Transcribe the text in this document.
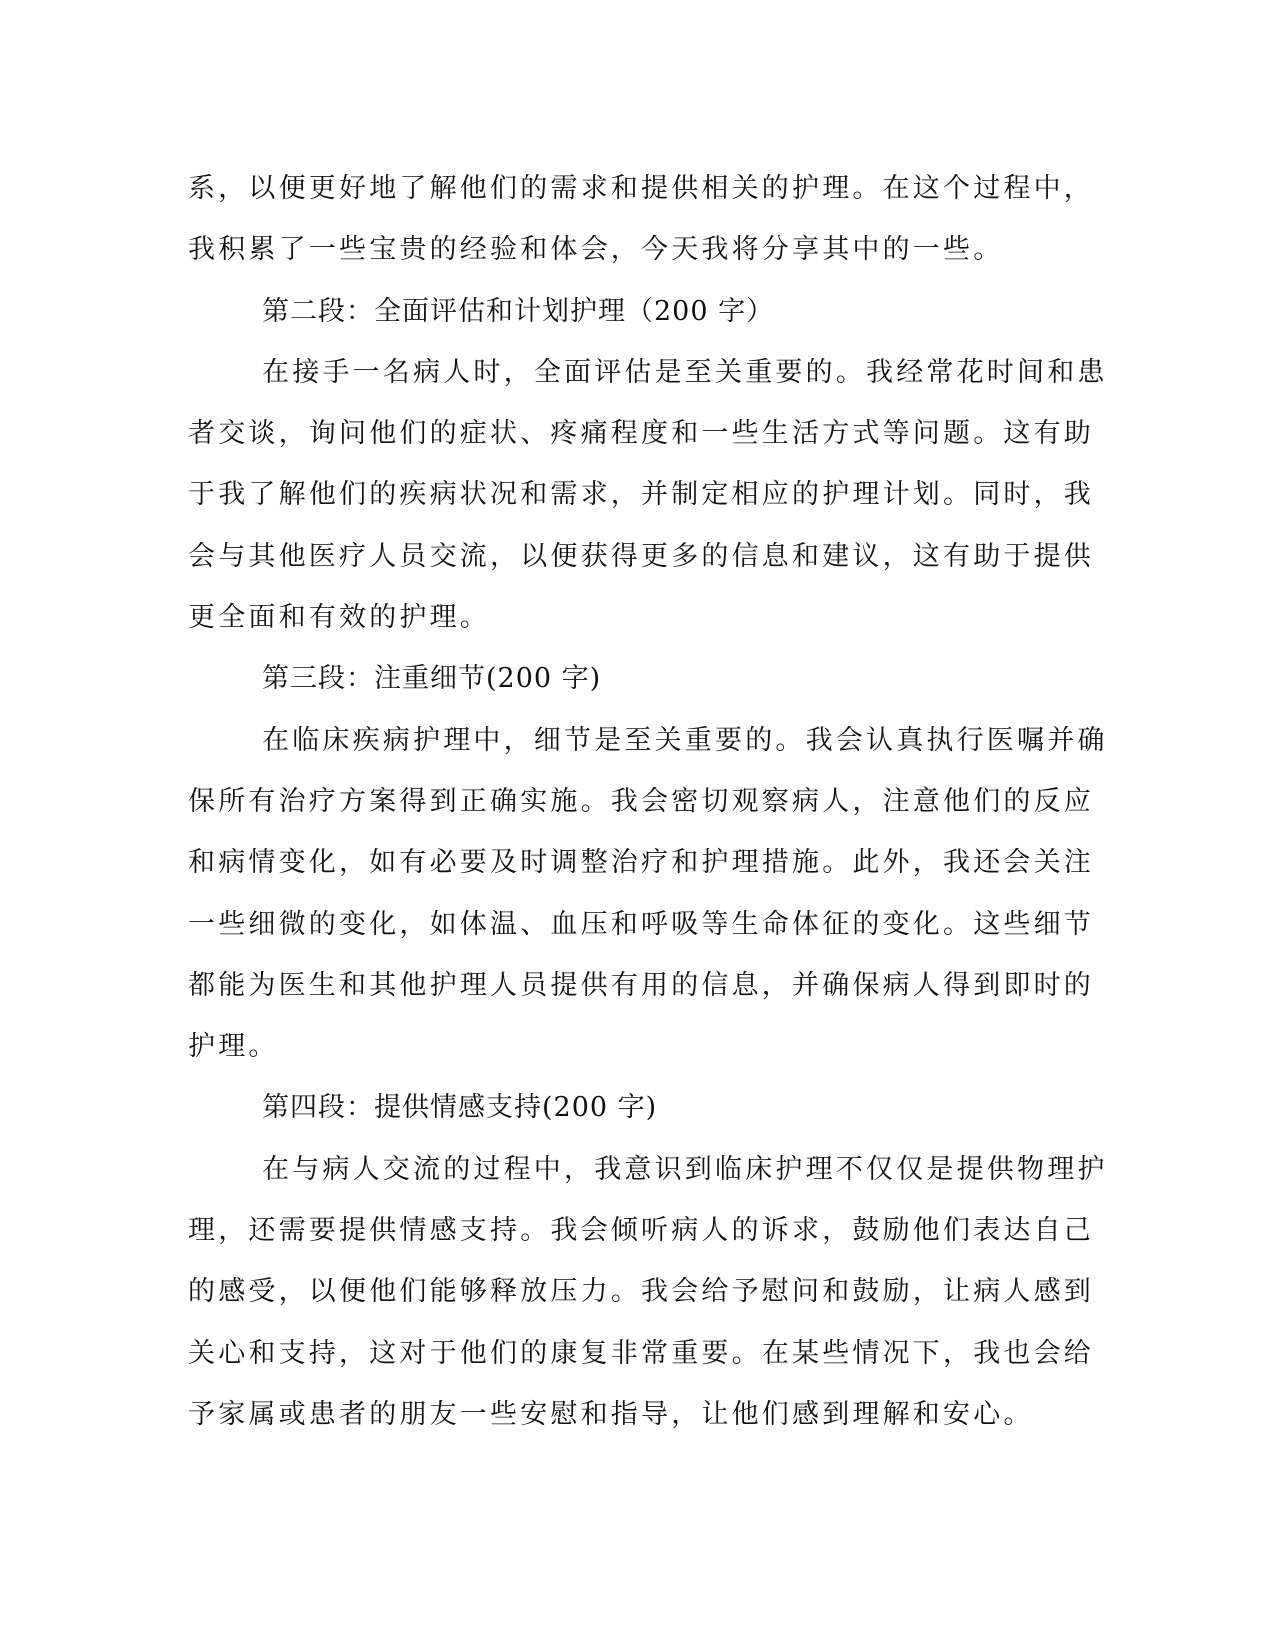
系，以便更好地了解他们的需求和提供相关的护理。在这个过程中，
我积累了一些宝贵的经验和体会，今天我将分享其中的一些。
第二段：全面评估和计划护理（200 字）
在接手一名病人时，全面评估是至关重要的。我经常花时间和患
者交谈，询问他们的症状、疼痛程度和一些生活方式等问题。这有助
于我了解他们的疾病状况和需求，并制定相应的护理计划。同时，我
会与其他医疗人员交流，以便获得更多的信息和建议，这有助于提供
更全面和有效的护理。
第三段：注重细节(200 字)
在临床疾病护理中，细节是至关重要的。我会认真执行医嘱并确
保所有治疗方案得到正确实施。我会密切观察病人，注意他们的反应
和病情变化，如有必要及时调整治疗和护理措施。此外，我还会关注
一些细微的变化，如体温、血压和呼吸等生命体征的变化。这些细节
都能为医生和其他护理人员提供有用的信息，并确保病人得到即时的
护理。
第四段：提供情感支持(200 字)
在与病人交流的过程中，我意识到临床护理不仅仅是提供物理护
理，还需要提供情感支持。我会倾听病人的诉求，鼓励他们表达自己
的感受，以便他们能够释放压力。我会给予慰问和鼓励，让病人感到
关心和支持，这对于他们的康复非常重要。在某些情况下，我也会给
予家属或患者的朋友一些安慰和指导，让他们感到理解和安心。
